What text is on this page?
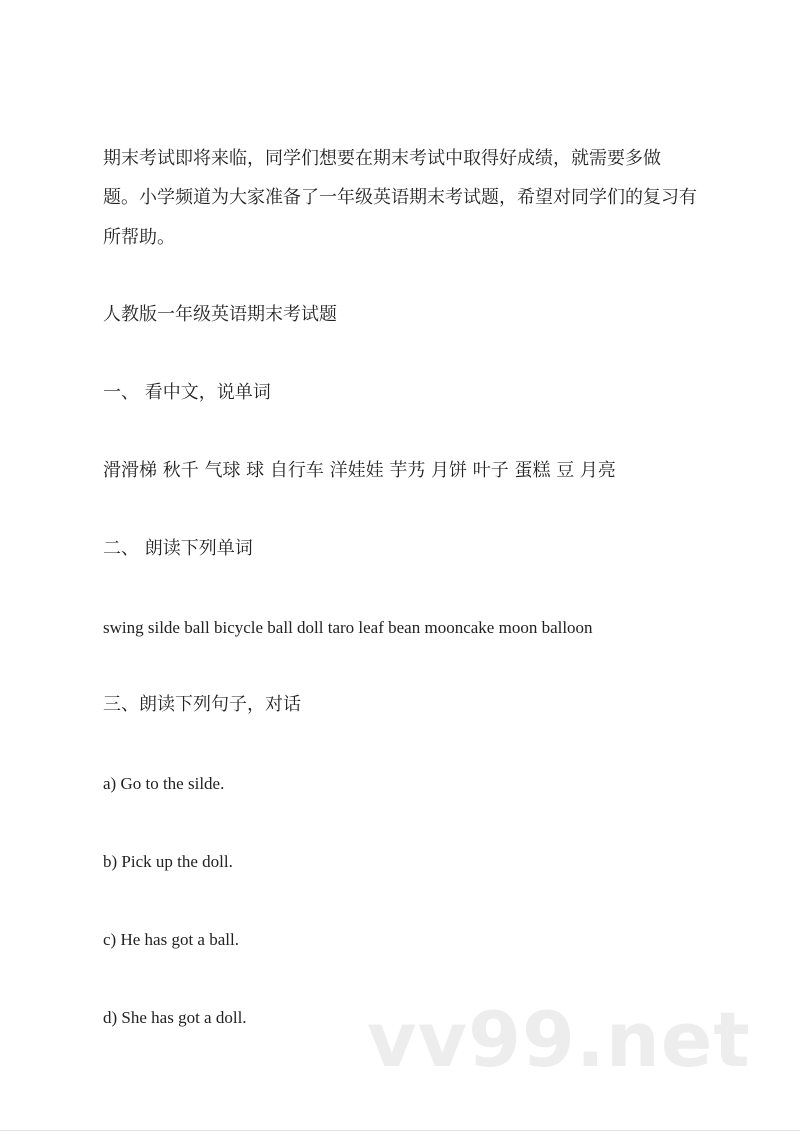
期末考试即将来临，同学们想要在期末考试中取得好成绩，就需要多做

题。小学频道为大家准备了一年级英语期末考试题，希望对同学们的复习有

所帮助。

人教版一年级英语期末考试题

一、 看中文，说单词

滑滑梯 秋千 气球 球 自行车 洋娃娃 芋艿 月饼 叶子 蛋糕 豆 月亮

二、 朗读下列单词

swing silde ball bicycle ball doll taro leaf bean mooncake moon balloon

三、朗读下列句子，对话

a) Go to the silde.

b) Pick up the doll.

c) He has got a ball.

d) She has got a doll. vv99.net
